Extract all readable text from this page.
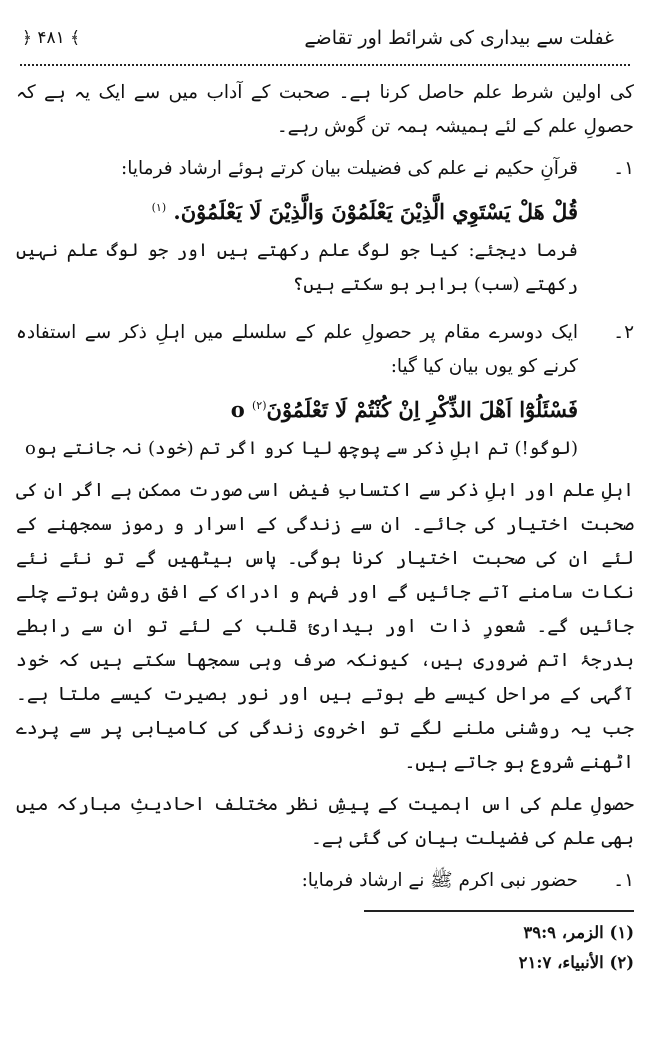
غفلت سے بیداری کی شرائط اور تقاضے
﴿ ۴۸۱ ﴾

کی اولین شرط علم حاصل کرنا ہے۔ صحبت کے آداب میں سے ایک یہ ہے کہ حصولِ علم کے لئے ہمیشہ ہمہ تن گوش رہے۔

۱۔
قرآنِ حکیم نے علم کی فضیلت بیان کرتے ہوئے ارشاد فرمایا:
قُلْ هَلْ يَسْتَوِي الَّذِيْنَ يَعْلَمُوْنَ وَالَّذِيْنَ لَا يَعْلَمُوْنَ. $^{(۱)}$
فرما دیجئے: کیا جو لوگ علم رکھتے ہیں اور جو لوگ علم نہیں رکھتے (سب) برابر ہو سکتے ہیں؟
۲۔
ایک دوسرے مقام پر حصولِ علم کے سلسلے میں اہلِ ذکر سے استفادہ کرنے کو یوں بیان کیا گیا:
فَسْئَلُوْٓا اَهْلَ الذِّكْرِ اِنْ كُنْتُمْ لَا تَعْلَمُوْنَo $^{(۲)}$
(لوگو!) تم اہلِ ذکر سے پوچھ لیا کرو اگر تم (خود) نہ جانتے ہوo

اہلِ علم اور اہلِ ذکر سے اکتسابِ فیض اسی صورت ممکن ہے اگر ان کی صحبت اختیار کی جائے۔ ان سے زندگی کے اسرار و رموز سمجھنے کے لئے ان کی صحبت اختیار کرنا ہوگی۔ پاس بیٹھیں گے تو نئے نئے نکات سامنے آتے جائیں گے اور فہم و ادراک کے افق روشن ہوتے چلے جائیں گے۔ شعورِ ذات اور بیداریٔ قلب کے لئے تو ان سے رابطے بدرجۂ اتم ضروری ہیں، کیونکہ صرف وہی سمجھا سکتے ہیں کہ خود آگہی کے مراحل کیسے طے ہوتے ہیں اور نور بصیرت کیسے ملتا ہے۔ جب یہ روشنی ملنے لگے تو اخروی زندگی کی کامیابی پر سے پردے اٹھنے شروع ہو جاتے ہیں۔

حصولِ علم کی اس اہمیت کے پیشِ نظر مختلف احادیثِ مبارکہ میں بھی علم کی فضیلت بیان کی گئی ہے۔

۱۔
حضور نبی اکرم ﷺ نے ارشاد فرمایا:
(۱) الزمر، ۳۹:۹
(۲) الأنبياء، ۲۱:۷
